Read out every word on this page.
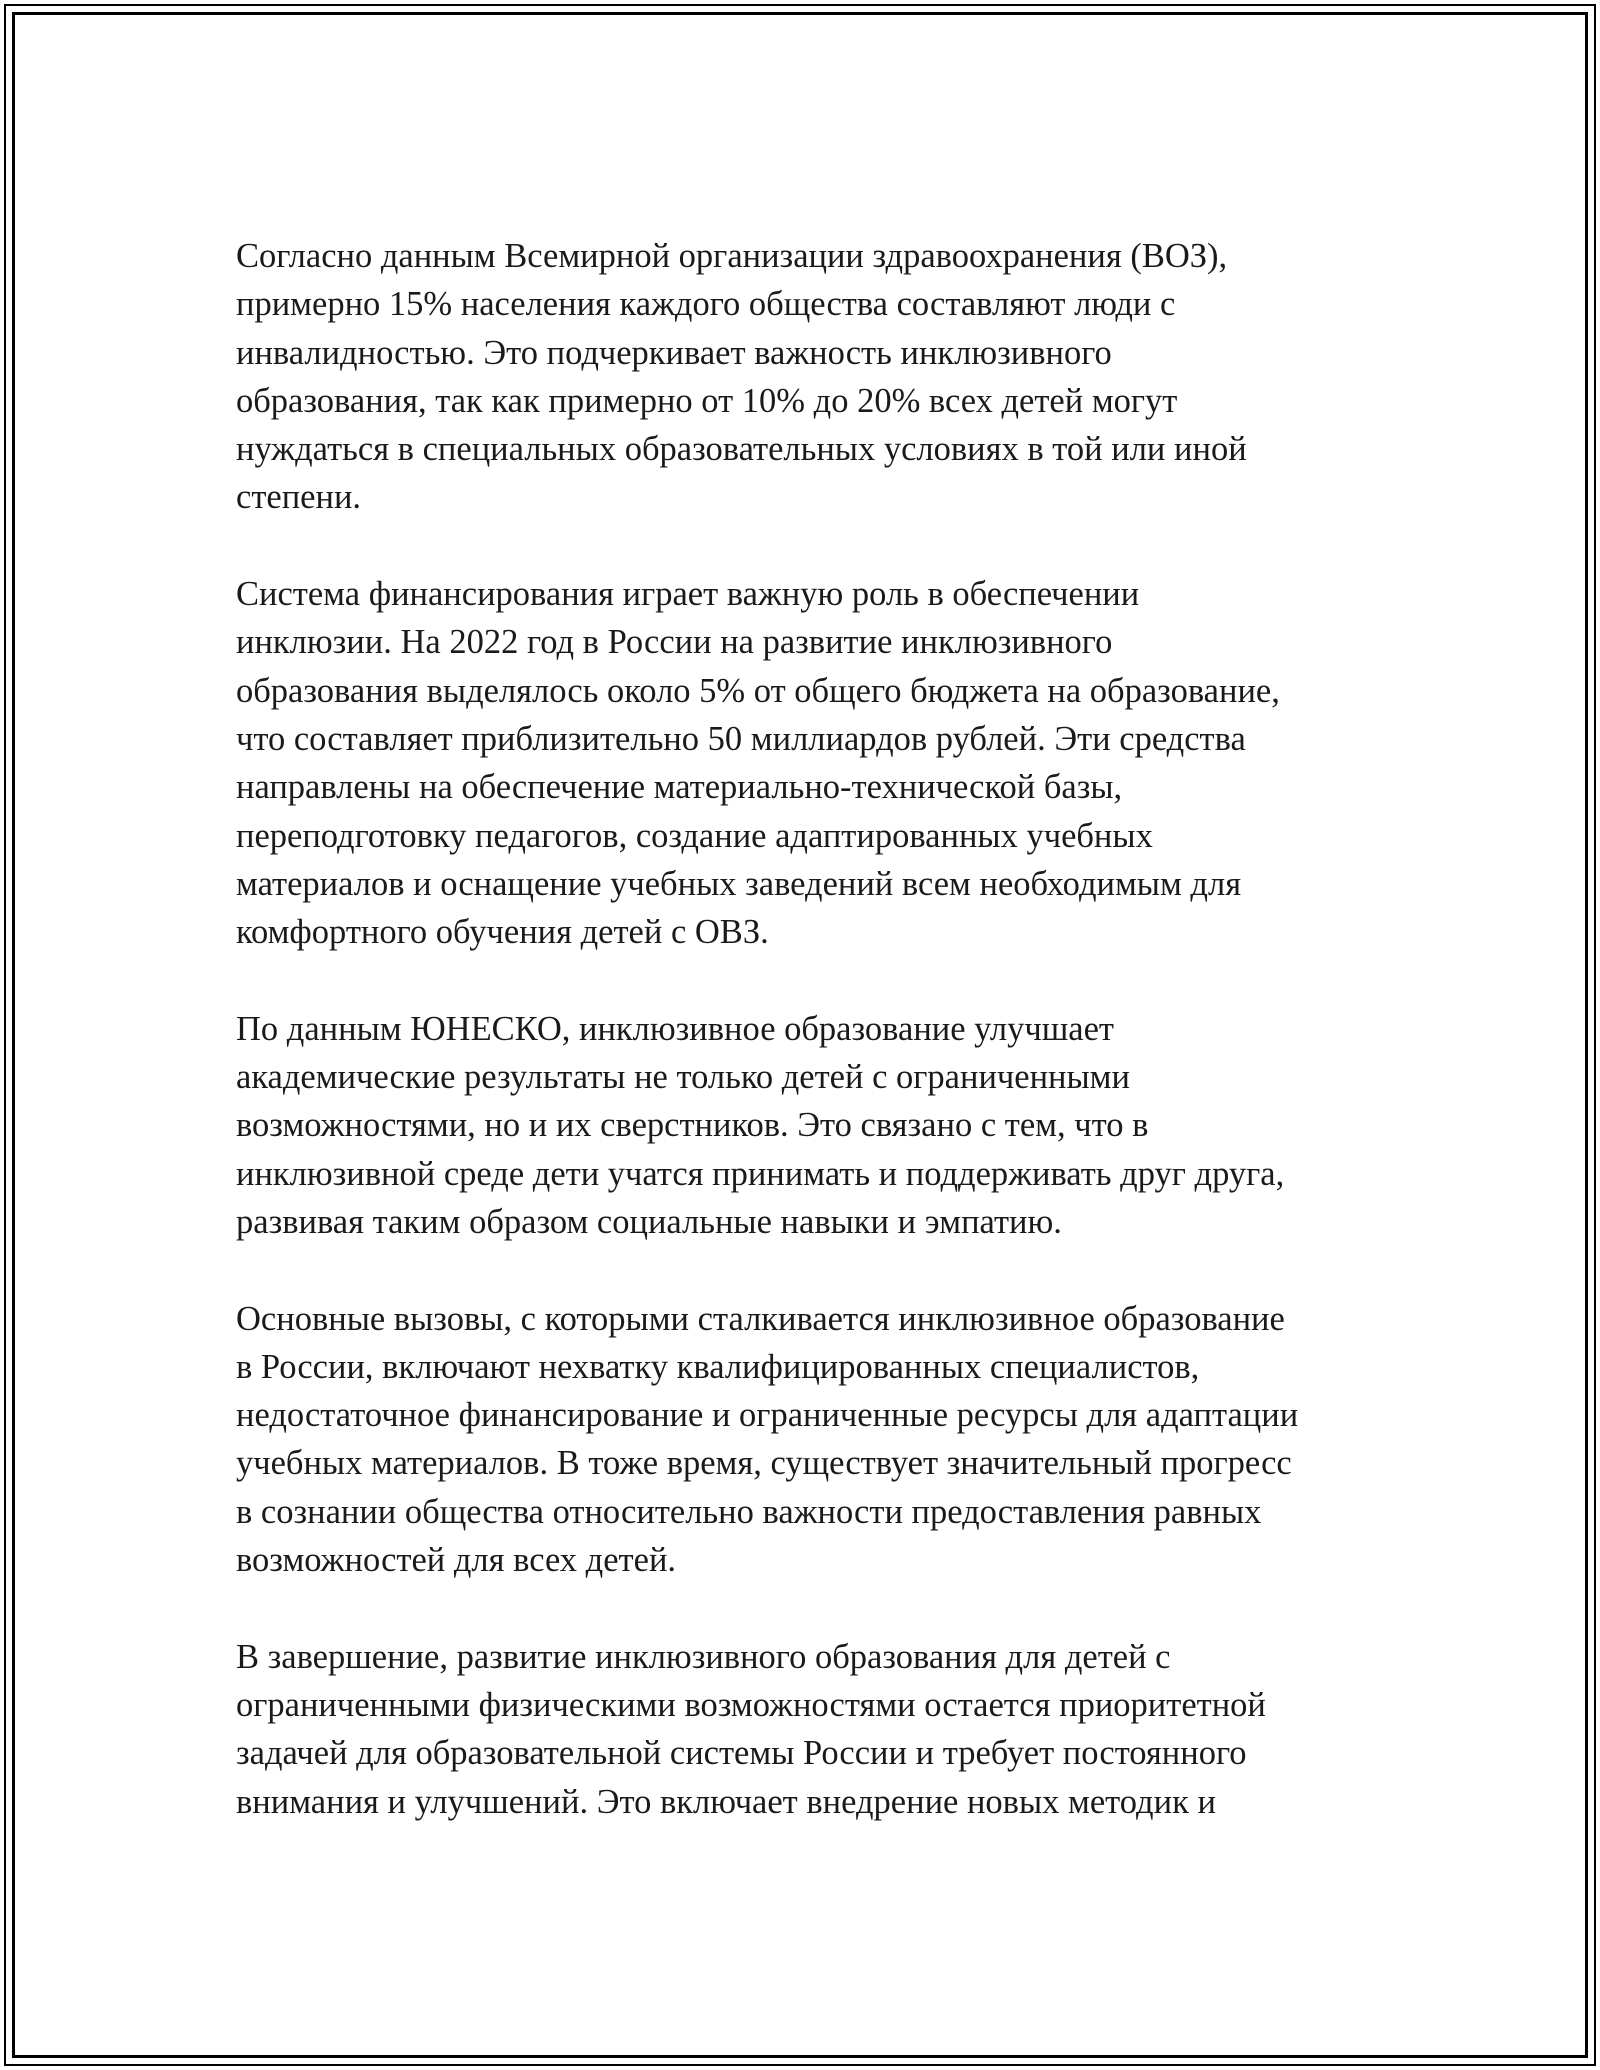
Согласно данным Всемирной организации здравоохранения (ВОЗ),
примерно 15% населения каждого общества составляют люди с
инвалидностью. Это подчеркивает важность инклюзивного
образования, так как примерно от 10% до 20% всех детей могут
нуждаться в специальных образовательных условиях в той или иной
степени.

Система финансирования играет важную роль в обеспечении
инклюзии. На 2022 год в России на развитие инклюзивного
образования выделялось около 5% от общего бюджета на образование,
что составляет приблизительно 50 миллиардов рублей. Эти средства
направлены на обеспечение материально-технической базы,
переподготовку педагогов, создание адаптированных учебных
материалов и оснащение учебных заведений всем необходимым для
комфортного обучения детей с ОВЗ.

По данным ЮНЕСКО, инклюзивное образование улучшает
академические результаты не только детей с ограниченными
возможностями, но и их сверстников. Это связано с тем, что в
инклюзивной среде дети учатся принимать и поддерживать друг друга,
развивая таким образом социальные навыки и эмпатию.

Основные вызовы, с которыми сталкивается инклюзивное образование
в России, включают нехватку квалифицированных специалистов,
недостаточное финансирование и ограниченные ресурсы для адаптации
учебных материалов. В тоже время, существует значительный прогресс
в сознании общества относительно важности предоставления равных
возможностей для всех детей.

В завершение, развитие инклюзивного образования для детей с
ограниченными физическими возможностями остается приоритетной
задачей для образовательной системы России и требует постоянного
внимания и улучшений. Это включает внедрение новых методик и
